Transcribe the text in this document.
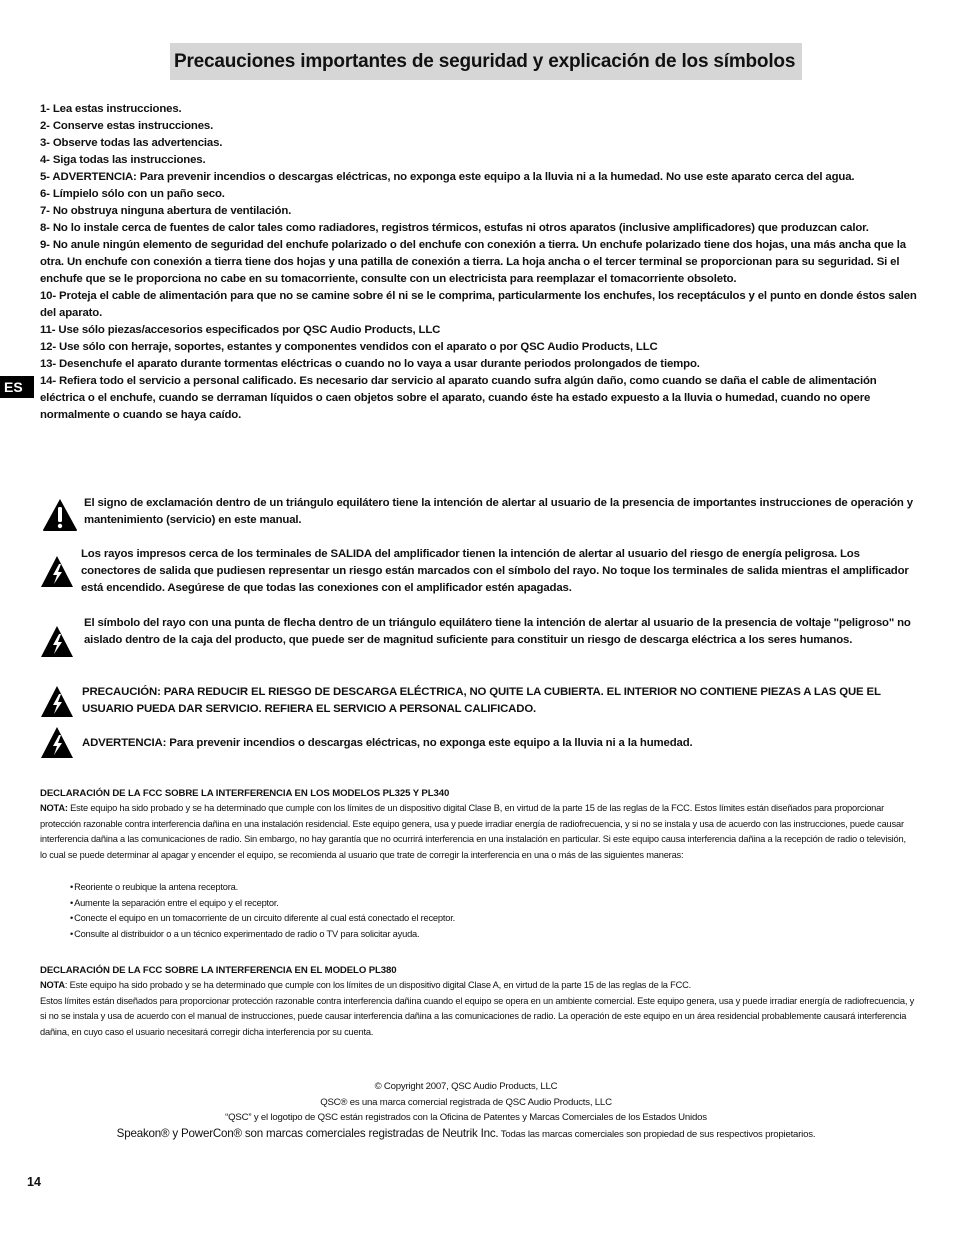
Precauciones importantes de seguridad y explicación de los símbolos
1- Lea estas instrucciones.
2- Conserve estas instrucciones.
3- Observe todas las advertencias.
4- Siga todas las instrucciones.
5- ADVERTENCIA: Para prevenir incendios o descargas eléctricas, no exponga este equipo a la lluvia ni a la humedad. No use este aparato cerca del agua.
6- Límpielo sólo con un paño seco.
7- No obstruya ninguna abertura de ventilación.
8- No lo instale cerca de fuentes de calor tales como radiadores, registros térmicos, estufas ni otros aparatos (inclusive amplificadores) que produzcan calor.
9- No anule ningún elemento de seguridad del enchufe polarizado o del enchufe con conexión a tierra. Un enchufe polarizado tiene dos hojas, una más ancha que la otra. Un enchufe con conexión a tierra tiene dos hojas y una patilla de conexión a tierra. La hoja ancha o el tercer terminal se proporcionan para su seguridad. Si el enchufe que se le proporciona no cabe en su tomacorriente, consulte con un electricista para reemplazar el tomacorriente obsoleto.
10- Proteja el cable de alimentación para que no se camine sobre él ni se le comprima, particularmente los enchufes, los receptáculos y el punto en donde éstos salen del aparato.
11- Use sólo piezas/accesorios especificados por QSC Audio Products, LLC
12- Use sólo con herraje, soportes, estantes y componentes vendidos con el aparato o por QSC Audio Products, LLC
13- Desenchufe el aparato durante tormentas eléctricas o cuando no lo vaya a usar durante periodos prolongados de tiempo.
14- Refiera todo el servicio a personal calificado. Es necesario dar servicio al aparato cuando sufra algún daño, como cuando se daña el cable de alimentación eléctrica o el enchufe, cuando se derraman líquidos o caen objetos sobre el aparato, cuando éste ha estado expuesto a la lluvia o humedad, cuando no opere normalmente o cuando se haya caído.
ES
El signo de exclamación dentro de un triángulo equilátero tiene la intención de alertar al usuario de la presencia de importantes instrucciones de operación y mantenimiento (servicio) en este manual.
Los rayos impresos cerca de los terminales de SALIDA del amplificador tienen la intención de alertar al usuario del riesgo de energía peligrosa. Los conectores de salida que pudiesen representar un riesgo están marcados con el símbolo del rayo. No toque los terminales de salida mientras el amplificador está encendido. Asegúrese de que todas las conexiones con el amplificador estén apagadas.
El símbolo del rayo con una punta de flecha dentro de un triángulo equilátero tiene la intención de alertar al usuario de la presencia de voltaje "peligroso" no aislado dentro de la caja del producto, que puede ser de magnitud suficiente para constituir un riesgo de descarga eléctrica a los seres humanos.
PRECAUCIÓN: PARA REDUCIR EL RIESGO DE DESCARGA ELÉCTRICA, NO QUITE LA CUBIERTA. EL INTERIOR NO CONTIENE PIEZAS A LAS QUE EL USUARIO PUEDA DAR SERVICIO. REFIERA EL SERVICIO A PERSONAL CALIFICADO.
ADVERTENCIA: Para prevenir incendios o descargas eléctricas, no exponga este equipo a la lluvia ni a la humedad.
DECLARACIÓN DE LA FCC SOBRE LA INTERFERENCIA EN LOS MODELOS PL325 Y PL340
NOTA: Este equipo ha sido probado y se ha determinado que cumple con los límites de un dispositivo digital Clase B, en virtud de la parte 15 de las reglas de la FCC. Estos límites están diseñados para proporcionar protección razonable contra interferencia dañina en una instalación residencial. Este equipo genera, usa y puede irradiar energía de radiofrecuencia, y si no se instala y usa de acuerdo con las instrucciones, puede causar interferencia dañina a las comunicaciones de radio. Sin embargo, no hay garantía que no ocurrirá interferencia en una instalación en particular. Si este equipo causa interferencia dañina a la recepción de radio o televisión, lo cual se puede determinar al apagar y encender el equipo, se recomienda al usuario que trate de corregir la interferencia en una o más de las siguientes maneras:
• Reoriente o reubique la antena receptora.
• Aumente la separación entre el equipo y el receptor.
• Conecte el equipo en un tomacorriente de un circuito diferente al cual está conectado el receptor.
• Consulte al distribuidor o a un técnico experimentado de radio o TV para solicitar ayuda.
DECLARACIÓN DE LA FCC SOBRE LA INTERFERENCIA EN EL MODELO PL380
NOTA: Este equipo ha sido probado y se ha determinado que cumple con los límites de un dispositivo digital Clase A, en virtud de la parte 15 de las reglas de la FCC.
Estos límites están diseñados para proporcionar protección razonable contra interferencia dañina cuando el equipo se opera en un ambiente comercial. Este equipo genera, usa y puede irradiar energía de radiofrecuencia, y si no se instala y usa de acuerdo con el manual de instrucciones, puede causar interferencia dañina a las comunicaciones de radio. La operación de este equipo en un área residencial probablemente causará interferencia dañina, en cuyo caso el usuario necesitará corregir dicha interferencia por su cuenta.
© Copyright 2007, QSC Audio Products, LLC
QSC® es una marca comercial registrada de QSC Audio Products, LLC
“QSC” y el logotipo de QSC están registrados con la Oficina de Patentes y Marcas Comerciales de los Estados Unidos
Speakon® y PowerCon® son marcas comerciales registradas de Neutrik Inc. Todas las marcas comerciales son propiedad de sus respectivos propietarios.
14
